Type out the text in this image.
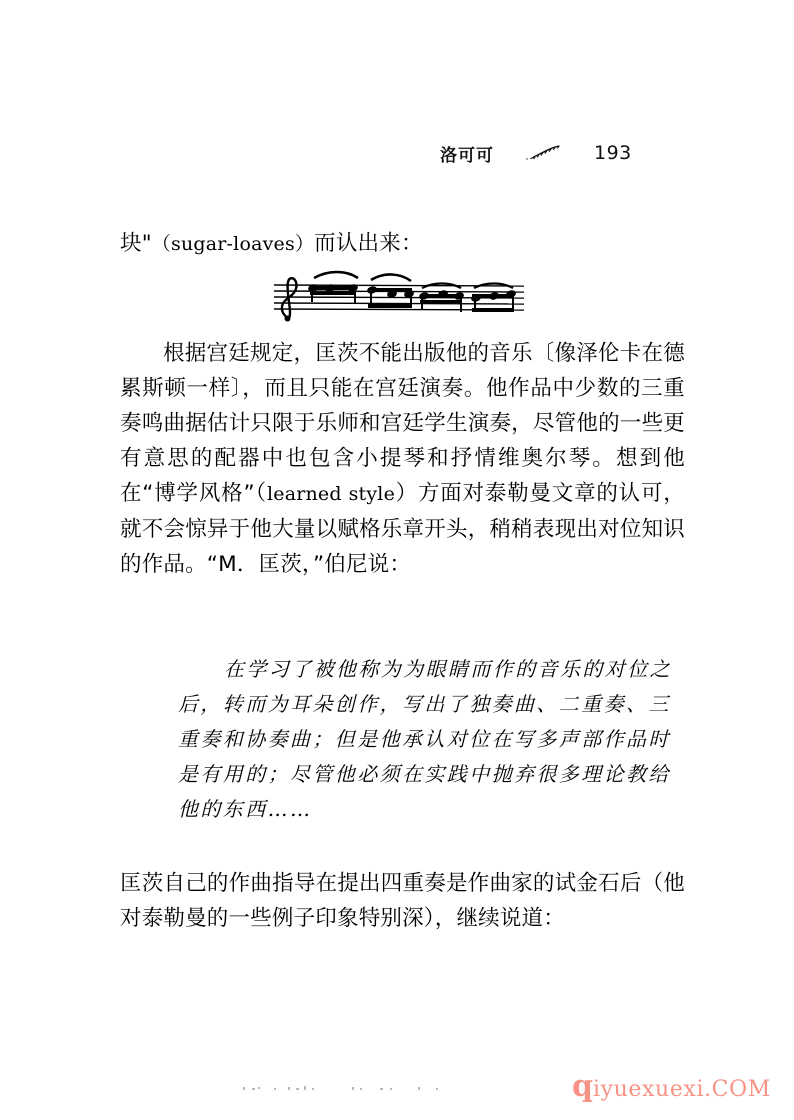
洛可可	193

块"（sugar-loaves）而认出来：

根据宫廷规定，匡茨不能出版他的音乐〔像泽伦卡在德累斯顿一样〕，而且只能在宫廷演奏。他作品中少数的三重奏鸣曲据估计只限于乐师和宫廷学生演奏，尽管他的一些更有意思的配器中也包含小提琴和抒情维奥尔琴。想到他在“博学风格”（learned style）方面对泰勒曼文章的认可，就不会惊异于他大量以赋格乐章开头，稍稍表现出对位知识的作品。“M．匡茨，”伯尼说：

在学习了被他称为为眼睛而作的音乐的对位之

后，转而为耳朵创作，写出了独奏曲、二重奏、三

重奏和协奏曲；但是他承认对位在写多声部作品时

是有用的；尽管他必须在实践中抛弃很多理论教给

他的东西……

匡茨自己的作曲指导在提出四重奏是作曲家的试金石后（他对泰勒曼的一些例子印象特别深），继续说道：

q iyuexuexi.COM
